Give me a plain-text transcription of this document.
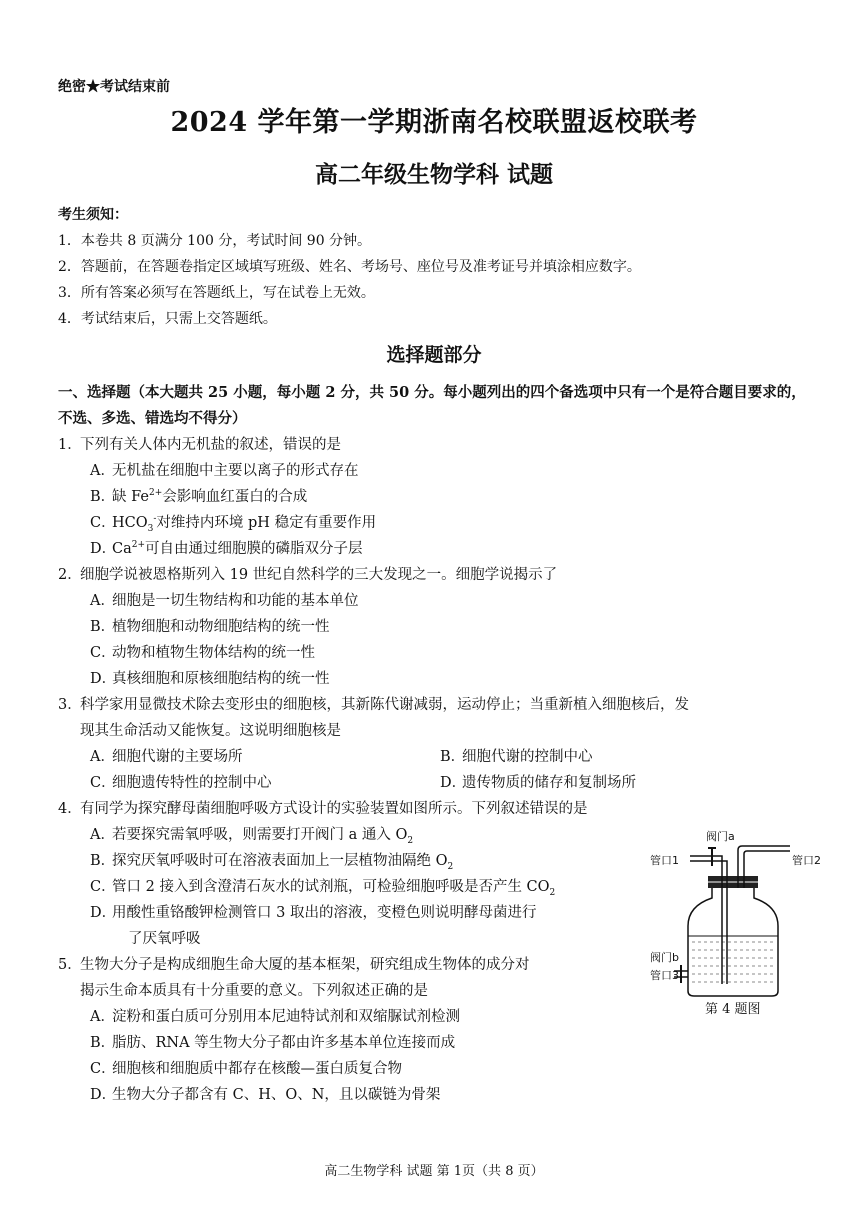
绝密★考试结束前
2024 学年第一学期浙南名校联盟返校联考
高二年级生物学科 试题
考生须知：
1．本卷共 8 页满分 100 分，考试时间 90 分钟。
2．答题前，在答题卷指定区域填写班级、姓名、考场号、座位号及准考证号并填涂相应数字。
3．所有答案必须写在答题纸上，写在试卷上无效。
4．考试结束后，只需上交答题纸。
选择题部分
一、选择题（本大题共 25 小题，每小题 2 分，共 50 分。每小题列出的四个备选项中只有一个是符合题目要求的，不选、多选、错选均不得分）
1．下列有关人体内无机盐的叙述，错误的是
A．无机盐在细胞中主要以离子的形式存在
B．缺 $Fe^{2+}$会影响血红蛋白的合成
C．$HCO_3^-$对维持内环境 pH 稳定有重要作用
D．$Ca^{2+}$可自由通过细胞膜的磷脂双分子层
2．细胞学说被恩格斯列入 19 世纪自然科学的三大发现之一。细胞学说揭示了
A．细胞是一切生物结构和功能的基本单位
B．植物细胞和动物细胞结构的统一性
C．动物和植物生物体结构的统一性
D．真核细胞和原核细胞结构的统一性
3．科学家用显微技术除去变形虫的细胞核，其新陈代谢减弱，运动停止；当重新植入细胞核后，发
现其生命活动又能恢复。这说明细胞核是
A．细胞代谢的主要场所	B．细胞代谢的控制中心
C．细胞遗传特性的控制中心	D．遗传物质的储存和复制场所
4．有同学为探究酵母菌细胞呼吸方式设计的实验装置如图所示。下列叙述错误的是
A．若要探究需氧呼吸，则需要打开阀门 a 通入 $O_2$
B．探究厌氧呼吸时可在溶液表面加上一层植物油隔绝 $O_2$
C．管口 2 接入到含澄清石灰水的试剂瓶，可检验细胞呼吸是否产生 $CO_2$
D．用酸性重铬酸钾检测管口 3 取出的溶液，变橙色则说明酵母菌进行
了厌氧呼吸
5．生物大分子是构成细胞生命大厦的基本框架，研究组成生物体的成分对
揭示生命本质具有十分重要的意义。下列叙述正确的是
A．淀粉和蛋白质可分别用本尼迪特试剂和双缩脲试剂检测
B．脂肪、RNA 等生物大分子都由许多基本单位连接而成
C．细胞核和细胞质中都存在核酸—蛋白质复合物
D．生物大分子都含有 C、H、O、N，且以碳链为骨架
阀门a
管口1	管口2
阀门b
管口3
第 4 题图
高二生物学科 试题 第 1页（共 8 页）
